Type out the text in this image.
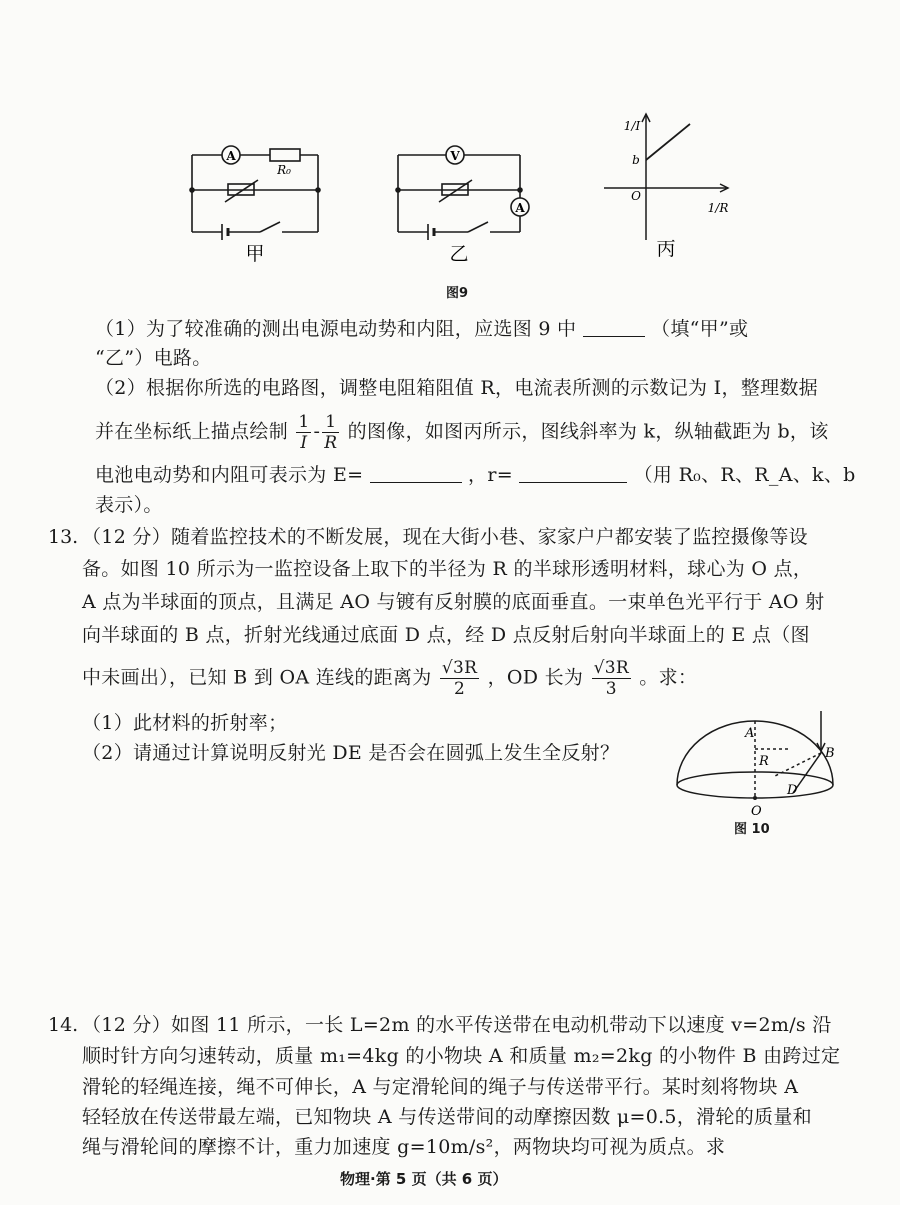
A
R₀
甲
V
A
乙
1/I
b
O
1/R
丙
图9
（1）为了较准确的测出电源电动势和内阻，应选图 9 中	（填“甲”或
“乙”）电路。
（2）根据你所选的电路图，调整电阻箱阻值 R，电流表所测的示数记为 I，整理数据
并在坐标纸上描点绘制 $\frac{1}{I} - \frac{1}{R}$ 的图像，如图丙所示，图线斜率为 k，纵轴截距为 b，该
电池电动势和内阻可表示为 E=	，r=	（用 R₀、R、R_A、k、b
表示）。
13. （12 分）随着监控技术的不断发展，现在大街小巷、家家户户都安装了监控摄像等设
备。如图 10 所示为一监控设备上取下的半径为 R 的半球形透明材料，球心为 O 点，
A 点为半球面的顶点，且满足 AO 与镀有反射膜的底面垂直。一束单色光平行于 AO 射
向半球面的 B 点，折射光线通过底面 D 点，经 D 点反射后射向半球面上的 E 点（图
中未画出），已知 B 到 OA 连线的距离为 $\frac{√3R}{2}$ ，OD 长为 $\frac{√3R}{3}$ 。求：
（1）此材料的折射率；
（2）请通过计算说明反射光 DE 是否会在圆弧上发生全反射？
A
R
B
O
D
图 10
14. （12 分）如图 11 所示，一长 L=2m 的水平传送带在电动机带动下以速度 v=2m/s 沿
顺时针方向匀速转动，质量 m₁=4kg 的小物块 A 和质量 m₂=2kg 的小物件 B 由跨过定
滑轮的轻绳连接，绳不可伸长，A 与定滑轮间的绳子与传送带平行。某时刻将物块 A
轻轻放在传送带最左端，已知物块 A 与传送带间的动摩擦因数 μ=0.5，滑轮的质量和
绳与滑轮间的摩擦不计，重力加速度 g=10m/s²，两物块均可视为质点。求
物理·第 5 页（共 6 页）
